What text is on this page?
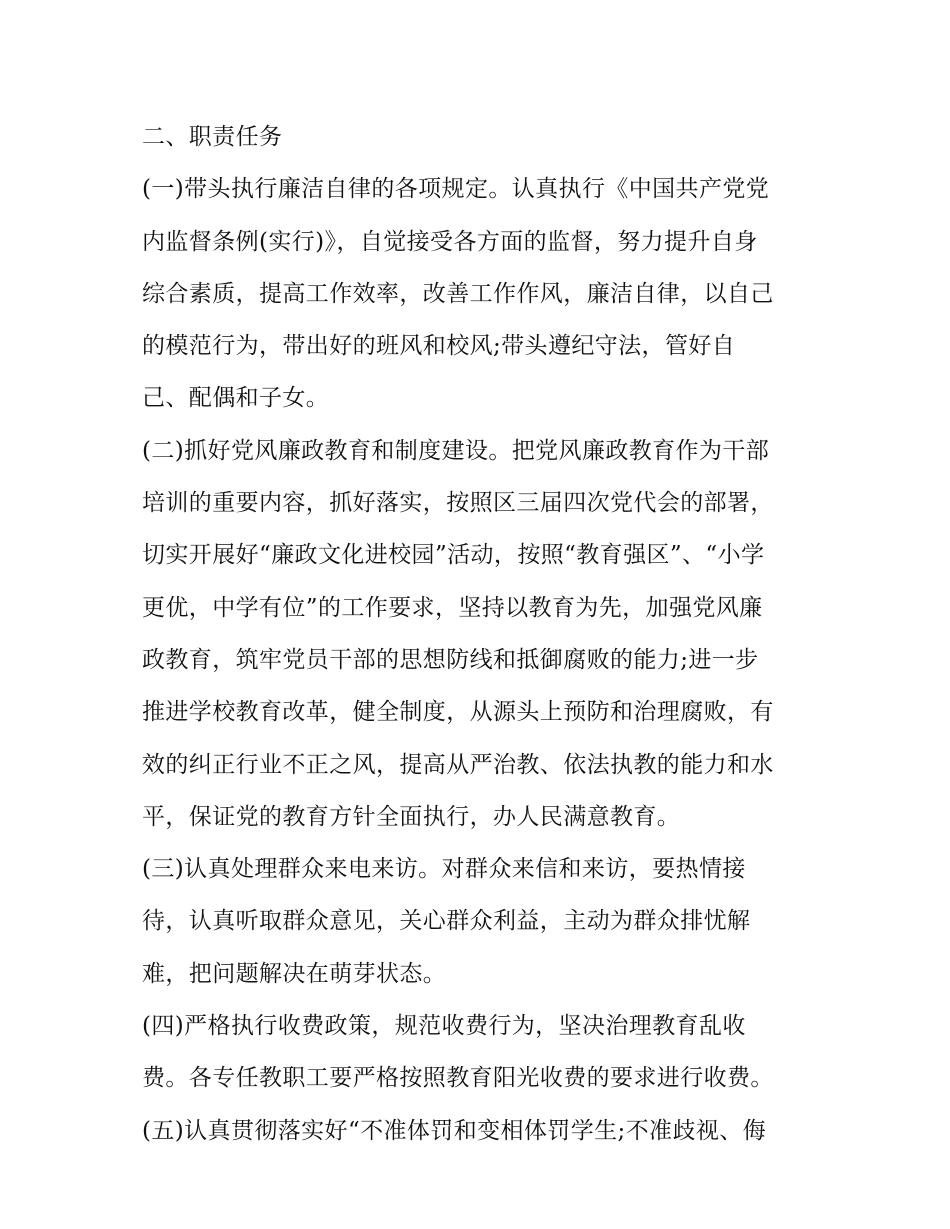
二、职责任务
(一)带头执行廉洁自律的各项规定。认真执行《中国共产党党
内监督条例(实行)》，自觉接受各方面的监督，努力提升自身
综合素质，提高工作效率，改善工作作风，廉洁自律，以自己
的模范行为，带出好的班风和校风;带头遵纪守法，管好自
己、配偶和子女。
(二)抓好党风廉政教育和制度建设。把党风廉政教育作为干部
培训的重要内容，抓好落实，按照区三届四次党代会的部署，
切实开展好“廉政文化进校园”活动，按照“教育强区”、“小学
更优，中学有位”的工作要求，坚持以教育为先，加强党风廉
政教育，筑牢党员干部的思想防线和抵御腐败的能力;进一步
推进学校教育改革，健全制度，从源头上预防和治理腐败，有
效的纠正行业不正之风，提高从严治教、依法执教的能力和水
平，保证党的教育方针全面执行，办人民满意教育。
(三)认真处理群众来电来访。对群众来信和来访，要热情接
待，认真听取群众意见，关心群众利益，主动为群众排忧解
难，把问题解决在萌芽状态。
(四)严格执行收费政策，规范收费行为，坚决治理教育乱收
费。各专任教职工要严格按照教育阳光收费的要求进行收费。
(五)认真贯彻落实好“不准体罚和变相体罚学生;不准歧视、侮
